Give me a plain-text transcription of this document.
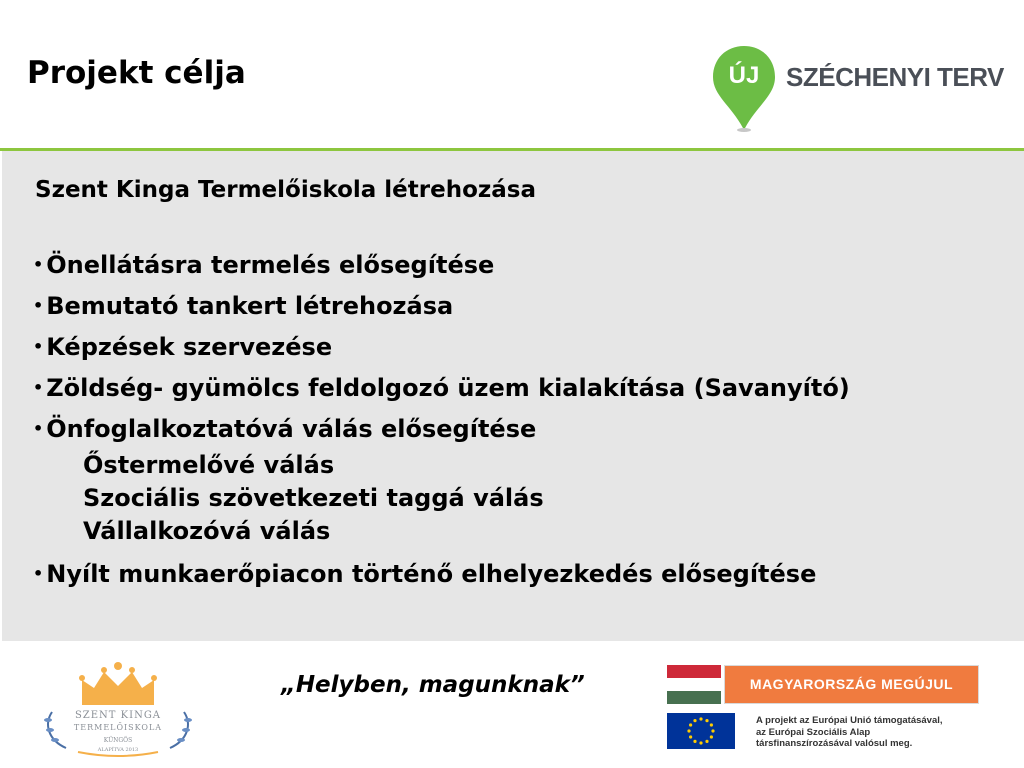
Projekt célja	ÚJ	SZÉCHENYI TERV
Szent Kinga Termelőiskola létrehozása
• Önellátásra termelés elősegítése
• Bemutató tankert létrehozása
• Képzések szervezése
• Zöldség- gyümölcs feldolgozó üzem kialakítása (Savanyító)
• Önfoglalkoztatóvá válás elősegítése
Őstermelővé válás
Szociális szövetkezeti taggá válás
Vállalkozóvá válás
• Nyílt munkaerőpiacon történő elhelyezkedés elősegítése
SZENT KINGA
TERMELŐISKOLA
KÜNGÖS
ALAPÍTVA 2013
„Helyben, magunknak”	MAGYARORSZÁG MEGÚJUL
A projekt az Európai Unió támogatásával,
az Európai Szociális Alap
társfinanszírozásával valósul meg.
